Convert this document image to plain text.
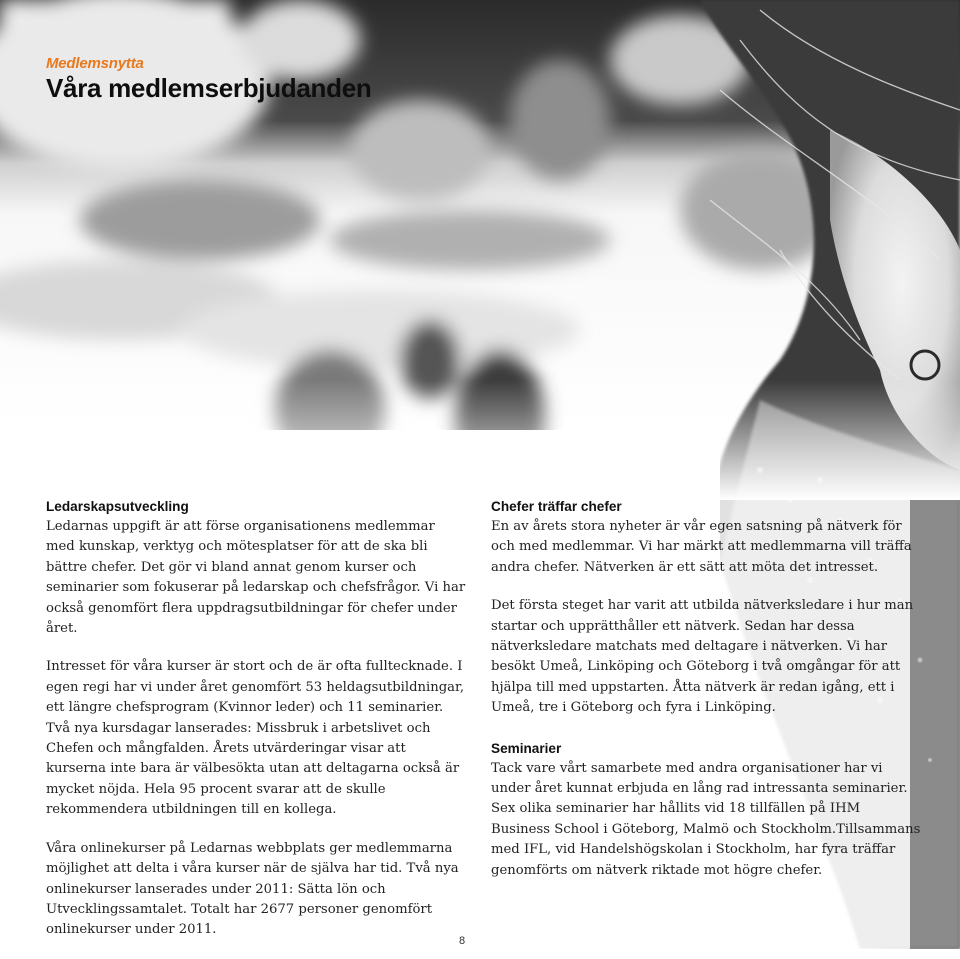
Medlemsnytta
Våra medlemserbjudanden
Ledarskapsutveckling

Ledarnas uppgift är att förse organisationens medlemmar med kunskap, verktyg och mötesplatser för att de ska bli bättre chefer. Det gör vi bland annat genom kurser och seminarier som fokuserar på ledarskap och chefsfrågor. Vi har också genomfört flera uppdragsutbildningar för chefer under året.

Intresset för våra kurser är stort och de är ofta fulltecknade. I egen regi har vi under året genomfört 53 heldagsutbildningar, ett längre chefsprogram (Kvinnor leder) och 11 seminarier. Två nya kursdagar lanserades: Missbruk i arbetslivet och Chefen och mångfalden. Årets utvärderingar visar att kurserna inte bara är välbesökta utan att deltagarna också är mycket nöjda. Hela 95 procent svarar att de skulle rekommendera utbildningen till en kollega.

Våra onlinekurser på Ledarnas webbplats ger medlemmarna möjlighet att delta i våra kurser när de själva har tid. Två nya onlinekurser lanserades under 2011: Sätta lön och Utvecklingssamtalet. Totalt har 2677 personer genomfört onlinekurser under 2011.

Chefer träffar chefer

En av årets stora nyheter är vår egen satsning på nätverk för och med medlemmar. Vi har märkt att medlemmarna vill träffa andra chefer. Nätverken är ett sätt att möta det intresset.

Det första steget har varit att utbilda nätverksledare i hur man startar och upprätthåller ett nätverk. Sedan har dessa nätverksledare matchats med deltagare i nätverken. Vi har besökt Umeå, Linköping och Göteborg i två omgångar för att hjälpa till med uppstarten. Åtta nätverk är redan igång, ett i Umeå, tre i Göteborg och fyra i Linköping.

Seminarier

Tack vare vårt samarbete med andra organisationer har vi under året kunnat erbjuda en lång rad intressanta seminarier. Sex olika seminarier har hållits vid 18 tillfällen på IHM Business School i Göteborg, Malmö och Stockholm.Tillsammans med IFL, vid Handelshögskolan i Stockholm, har fyra träffar genomförts om nätverk riktade mot högre chefer.

8
